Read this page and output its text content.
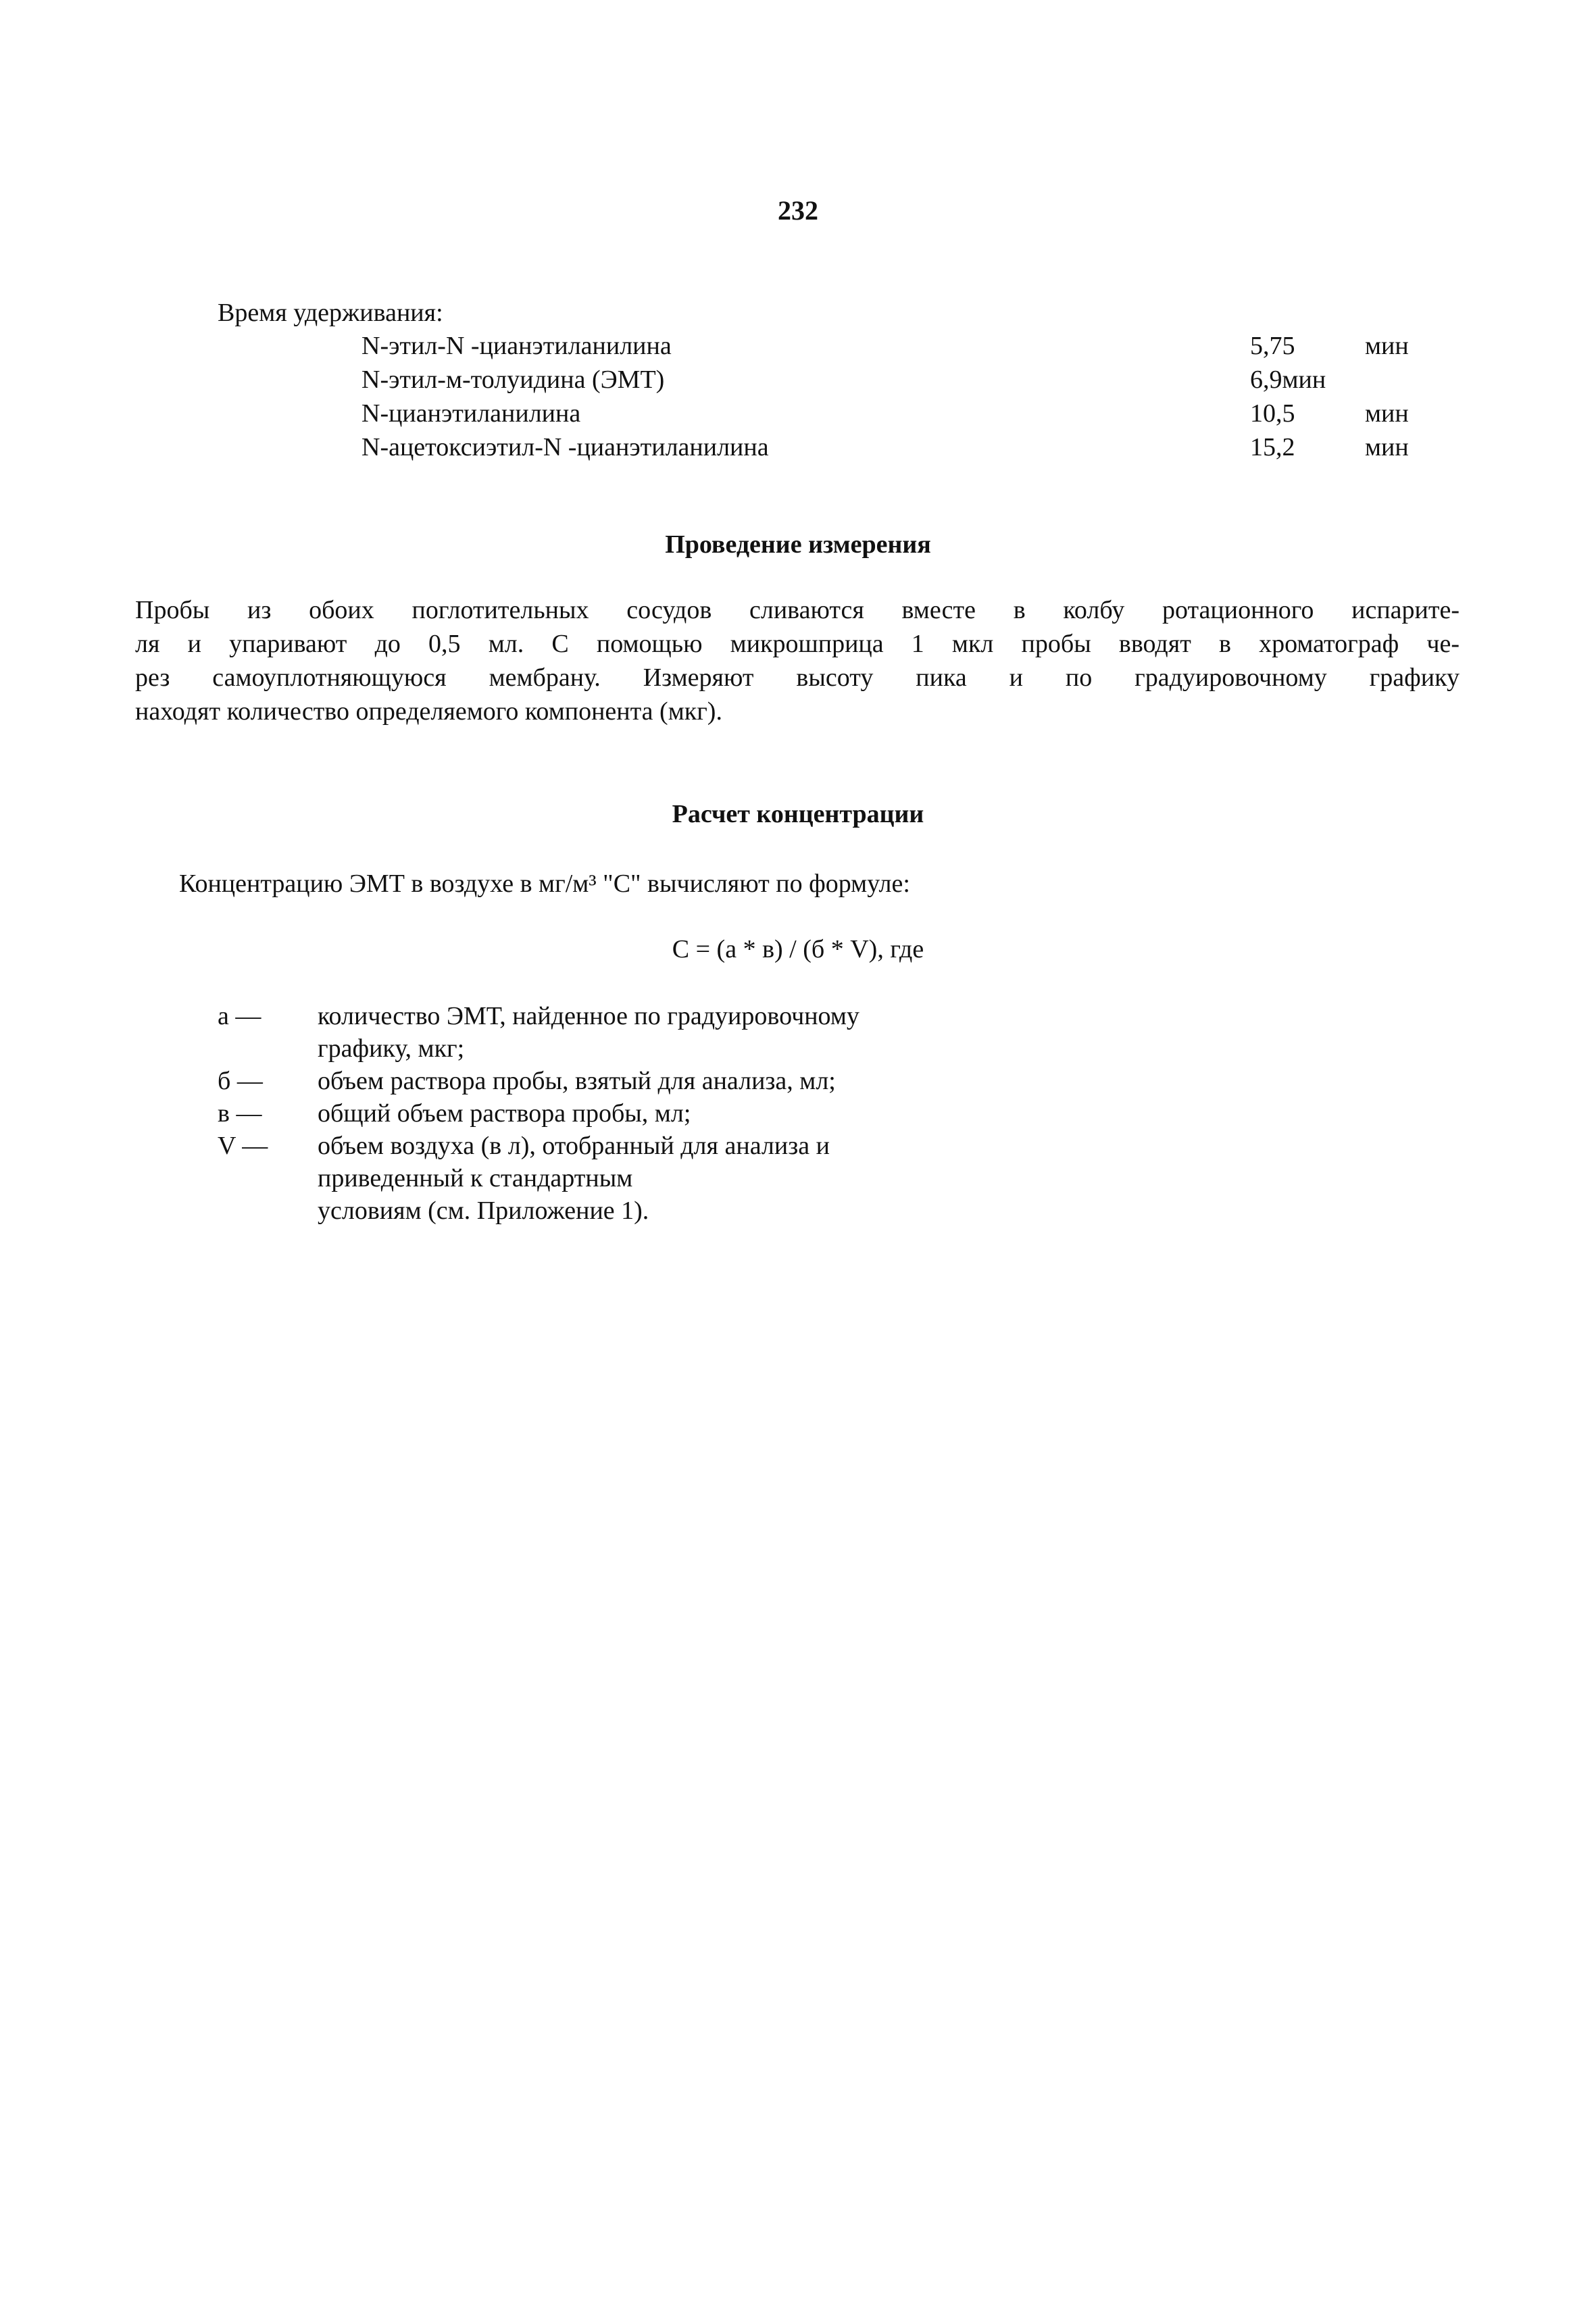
232
Время удерживания:
N-этил-N -цианэтиланилина	5,75	мин
N-этил-м-толуидина (ЭМТ)	6,9мин
N-цианэтиланилина	10,5	мин
N-ацетоксиэтил-N -цианэтиланилина	15,2	мин
Проведение измерения
Пробы из обоих поглотительных сосудов сливаются вместе в колбу ротационного испарите-
ля и упаривают до 0,5 мл. С помощью микрошприца 1 мкл пробы вводят в хроматограф че-
рез самоуплотняющуюся мембрану. Измеряют высоту пика и по градуировочному графику
находят количество определяемого компонента (мкг).
Расчет концентрации
Концентрацию ЭМТ в воздухе в мг/м³ "С" вычисляют по формуле:
С = (а * в) / (б * V), где
а —	количество ЭМТ, найденное по градуировочному
графику, мкг;
б —	объем раствора пробы, взятый для анализа, мл;
в —	общий объем раствора пробы, мл;
V —	объем воздуха (в л), отобранный для анализа и
приведенный к стандартным
условиям (см. Приложение 1).
